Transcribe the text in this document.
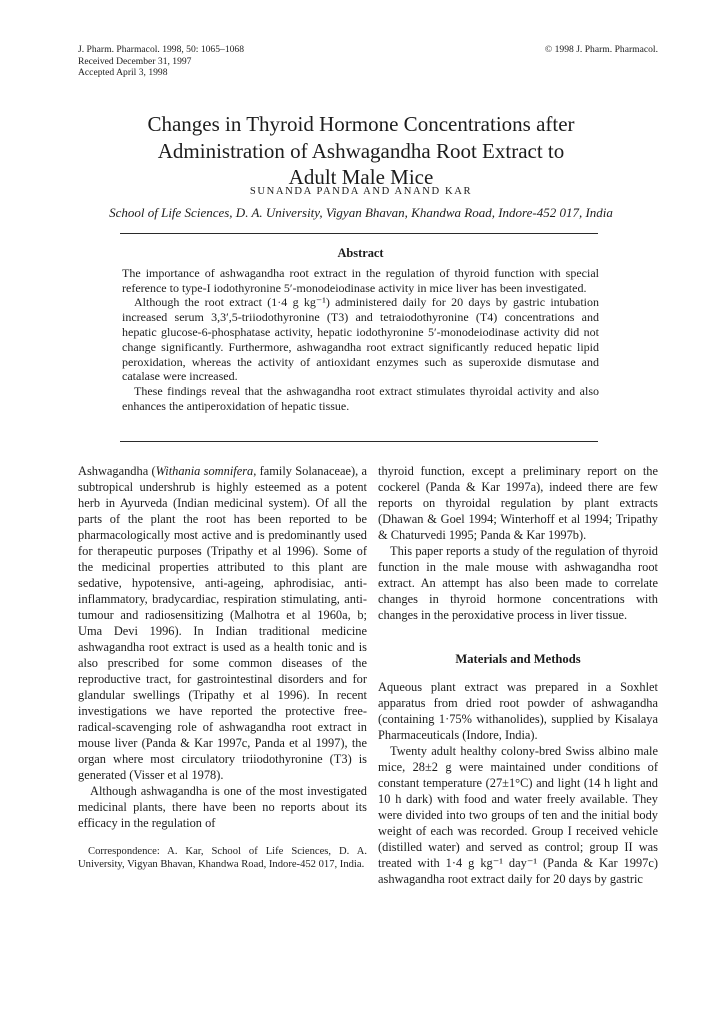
J. Pharm. Pharmacol. 1998, 50: 1065–1068
Received December 31, 1997
Accepted April 3, 1998
© 1998 J. Pharm. Pharmacol.
Changes in Thyroid Hormone Concentrations after
Administration of Ashwagandha Root Extract to
Adult Male Mice
SUNANDA PANDA AND ANAND KAR
School of Life Sciences, D. A. University, Vigyan Bhavan, Khandwa Road, Indore-452 017, India
Abstract

The importance of ashwagandha root extract in the regulation of thyroid function with special reference to type-I iodothyronine 5′-monodeiodinase activity in mice liver has been investigated.

Although the root extract (1·4 g kg⁻¹) administered daily for 20 days by gastric intubation increased serum 3,3′,5-triiodothyronine (T3) and tetraiodothyronine (T4) concentrations and hepatic glucose-6-phosphatase activity, hepatic iodothyronine 5′-monodeiodinase activity did not change significantly. Furthermore, ashwagandha root extract significantly reduced hepatic lipid peroxidation, whereas the activity of antioxidant enzymes such as superoxide dismutase and catalase were increased.

These findings reveal that the ashwagandha root extract stimulates thyroidal activity and also enhances the antiperoxidation of hepatic tissue.

Ashwagandha (Withania somnifera, family Solanaceae), a subtropical undershrub is highly esteemed as a potent herb in Ayurveda (Indian medicinal system). Of all the parts of the plant the root has been reported to be pharmacologically most active and is predominantly used for therapeutic purposes (Tripathy et al 1996). Some of the medicinal properties attributed to this plant are sedative, hypotensive, anti-ageing, aphrodisiac, anti-inflammatory, bradycardiac, respiration stimulating, anti-tumour and radiosensitizing (Malhotra et al 1960a, b; Uma Devi 1996). In Indian traditional medicine ashwagandha root extract is used as a health tonic and is also prescribed for some common diseases of the reproductive tract, for gastrointestinal disorders and for glandular swellings (Tripathy et al 1996). In recent investigations we have reported the protective free-radical-scavenging role of ashwagandha root extract in mouse liver (Panda & Kar 1997c, Panda et al 1997), the organ where most circulatory triiodothyronine (T3) is generated (Visser et al 1978).

Although ashwagandha is one of the most investigated medicinal plants, there have been no reports about its efficacy in the regulation of

Correspondence: A. Kar, School of Life Sciences, D. A. University, Vigyan Bhavan, Khandwa Road, Indore-452 017, India.

thyroid function, except a preliminary report on the cockerel (Panda & Kar 1997a), indeed there are few reports on thyroidal regulation by plant extracts (Dhawan & Goel 1994; Winterhoff et al 1994; Tripathy & Chaturvedi 1995; Panda & Kar 1997b).

This paper reports a study of the regulation of thyroid function in the male mouse with ashwagandha root extract. An attempt has also been made to correlate changes in thyroid hormone concentrations with changes in the peroxidative process in liver tissue.

Materials and Methods

Aqueous plant extract was prepared in a Soxhlet apparatus from dried root powder of ashwagandha (containing 1·75% withanolides), supplied by Kisalaya Pharmaceuticals (Indore, India).

Twenty adult healthy colony-bred Swiss albino male mice, 28±2 g were maintained under conditions of constant temperature (27±1°C) and light (14 h light and 10 h dark) with food and water freely available. They were divided into two groups of ten and the initial body weight of each was recorded. Group I received vehicle (distilled water) and served as control; group II was treated with 1·4 g kg⁻¹ day⁻¹ (Panda & Kar 1997c) ashwagandha root extract daily for 20 days by gastric
